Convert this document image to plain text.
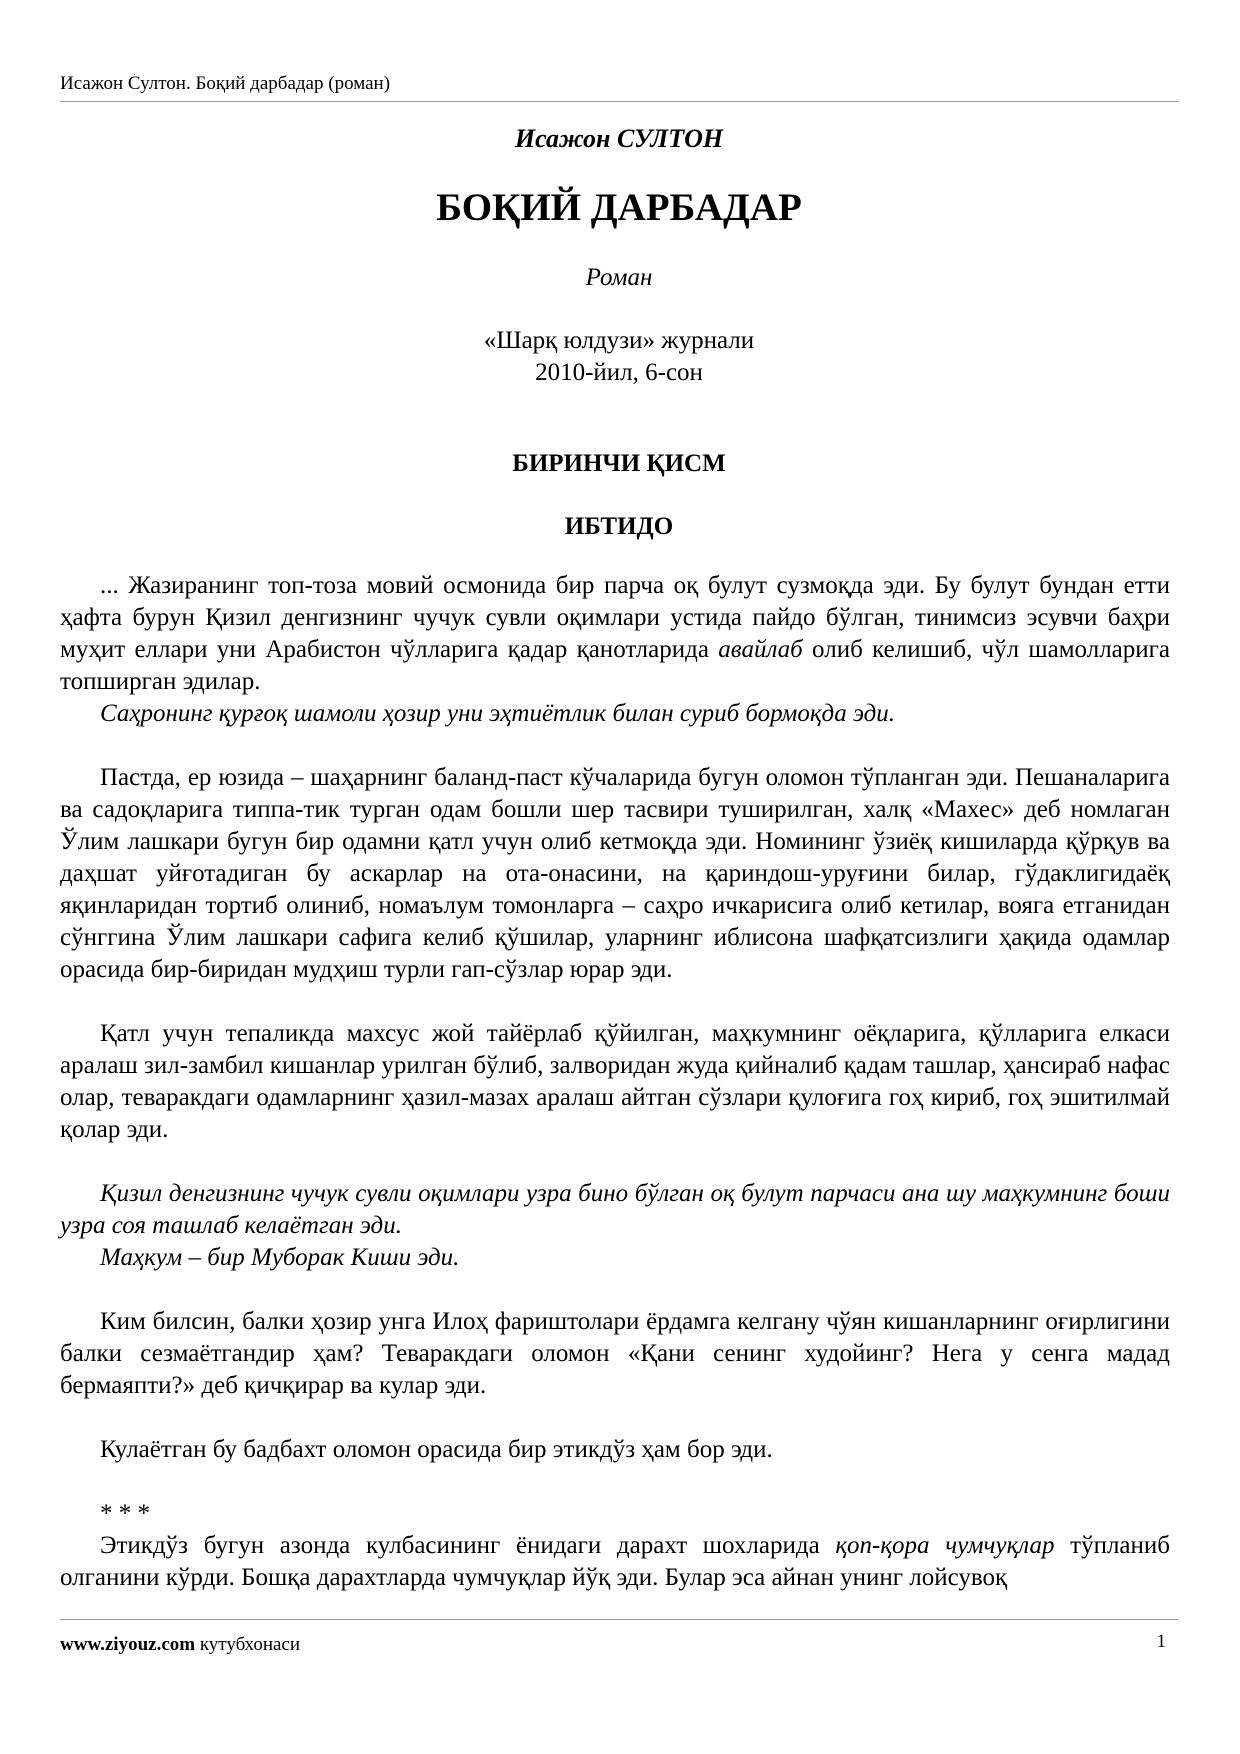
Исажон Султон. Боқий дарбадар (роман)
Исажон СУЛТОН
БОҚИЙ ДАРБАДАР
Роман
«Шарқ юлдузи» журнали
2010-йил, 6-сон
БИРИНЧИ ҚИСМ
ИБТИДО

... Жазиранинг топ-тоза мовий осмонида бир парча оқ булут сузмоқда эди. Бу булут бундан етти ҳафта бурун Қизил денгизнинг чучук сувли оқимлари устида пайдо бўлган, тинимсиз эсувчи баҳри муҳит еллари уни Арабистон чўлларига қадар қанотларида авайлаб олиб келишиб, чўл шамолларига топширган эдилар.

Саҳронинг қурғоқ шамоли ҳозир уни эҳтиётлик билан суриб бормоқда эди.

Пастда, ер юзида – шаҳарнинг баланд-паст кўчаларида бугун оломон тўпланган эди. Пешаналарига ва садоқларига типпа-тик турган одам бошли шер тасвири туширилган, халқ «Махес» деб номлаган Ўлим лашкари бугун бир одамни қатл учун олиб кетмоқда эди. Номининг ўзиёқ кишиларда қўрқув ва даҳшат уйғотадиган бу аскарлар на ота-онасини, на қариндош-уруғини билар, гўдаклигидаёқ яқинларидан тортиб олиниб, номаълум томонларга – саҳро ичкарисига олиб кетилар, вояга етганидан сўнггина Ўлим лашкари сафига келиб қўшилар, уларнинг иблисона шафқатсизлиги ҳақида одамлар орасида бир-биридан мудҳиш турли гап-сўзлар юрар эди.

Қатл учун тепаликда махсус жой тайёрлаб қўйилган, маҳкумнинг оёқларига, қўлларига елкаси аралаш зил-замбил кишанлар урилган бўлиб, залворидан жуда қийналиб қадам ташлар, ҳансираб нафас олар, теваракдаги одамларнинг ҳазил-мазах аралаш айтган сўзлари қулоғига гоҳ кириб, гоҳ эшитилмай қолар эди.

Қизил денгизнинг чучук сувли оқимлари узра бино бўлган оқ булут парчаси ана шу маҳкумнинг боши узра соя ташлаб келаётган эди.

Маҳкум – бир Муборак Киши эди.

Ким билсин, балки ҳозир унга Илоҳ фариштолари ёрдамга келгану чўян кишанларнинг оғирлигини балки сезмаётгандир ҳам? Теваракдаги оломон «Қани сенинг худойинг? Нега у сенга мадад бермаяпти?» деб қичқирар ва кулар эди.

Кулаётган бу бадбахт оломон орасида бир этикдўз ҳам бор эди.

* * *

Этикдўз бугун азонда кулбасининг ёнидаги дарахт шохларида қоп-қора чумчуқлар тўпланиб олганини кўрди. Бошқа дарахтларда чумчуқлар йўқ эди. Булар эса айнан унинг лойсувоқ

www.ziyouz.com кутубхонаси	1
